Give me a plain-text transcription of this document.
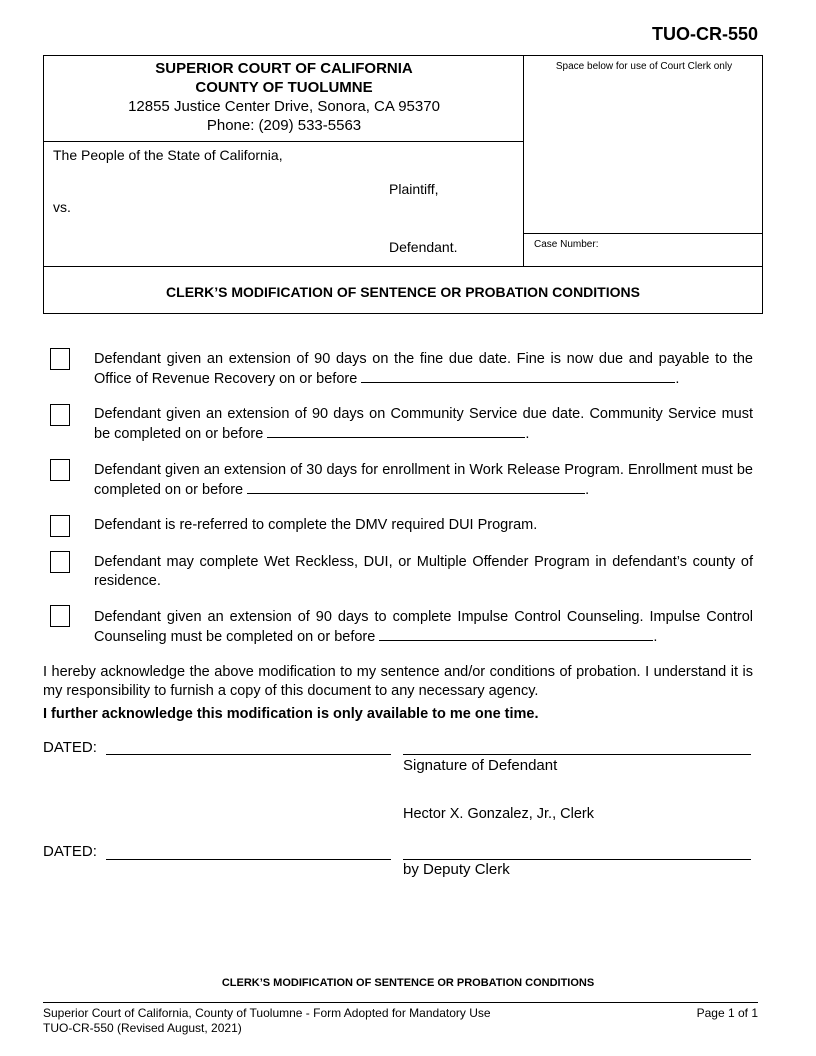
TUO-CR-550
SUPERIOR COURT OF CALIFORNIA
COUNTY OF TUOLUMNE
12855 Justice Center Drive, Sonora, CA 95370
Phone: (209) 533-5563
Space below for use of Court Clerk only
Case Number:
The People of the State of California,
Plaintiff,
vs.
Defendant.
CLERK’S MODIFICATION OF SENTENCE OR PROBATION CONDITIONS
Defendant given an extension of 90 days on the fine due date. Fine is now due and payable to the Office of Revenue Recovery on or before	.
Defendant given an extension of 90 days on Community Service due date. Community Service must be completed on or before	.
Defendant given an extension of 30 days for enrollment in Work Release Program. Enrollment must be completed on or before	.
Defendant is re-referred to complete the DMV required DUI Program.
Defendant may complete Wet Reckless, DUI, or Multiple Offender Program in defendant’s county of residence.
Defendant given an extension of 90 days to complete Impulse Control Counseling. Impulse Control Counseling must be completed on or before	.
I hereby acknowledge the above modification to my sentence and/or conditions of probation. I understand it is my responsibility to furnish a copy of this document to any necessary agency.
I further acknowledge this modification is only available to me one time.
DATED:
Signature of Defendant
Hector X. Gonzalez, Jr., Clerk
DATED:
by Deputy Clerk
CLERK’S MODIFICATION OF SENTENCE OR PROBATION CONDITIONS
Superior Court of California, County of Tuolumne - Form Adopted for Mandatory Use
TUO-CR-550 (Revised August, 2021)
Page 1 of 1
